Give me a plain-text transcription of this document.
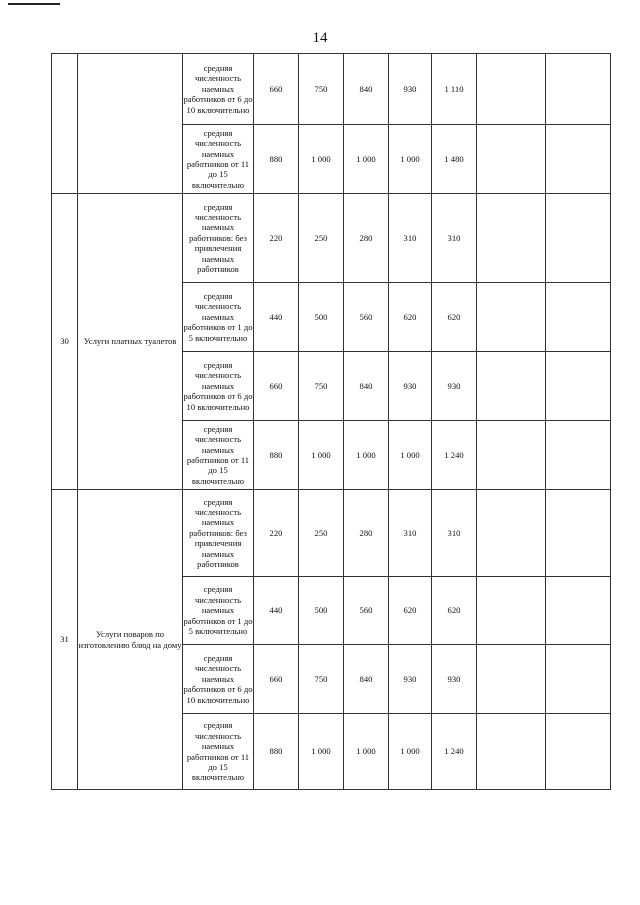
14
		средняя численность наемных работников от 6 до 10 включительно	660	750	840	930	1 110		
		средняя численность наемных работников от 11 до 15 включительно	880	1 000	1 000	1 000	1 480		
30	Услуги платных туалетов	средняя численность наемных работников: без привлечения наемных работников	220	250	280	310	310		
		средняя численность наемных работников от 1 до 5 включительно	440	500	560	620	620		
		средняя численность наемных работников от 6 до 10 включительно	660	750	840	930	930		
		средняя численность наемных работников от 11 до 15 включительно	880	1 000	1 000	1 000	1 240		
31	Услуги поваров по изготовлению блюд на дому	средняя численность наемных работников: без привлечения наемных работников	220	250	280	310	310		
		средняя численность наемных работников от 1 до 5 включительно	440	500	560	620	620		
		средняя численность наемных работников от 6 до 10 включительно	660	750	840	930	930		
		средняя численность наемных работников от 11 до 15 включительно	880	1 000	1 000	1 000	1 240		
